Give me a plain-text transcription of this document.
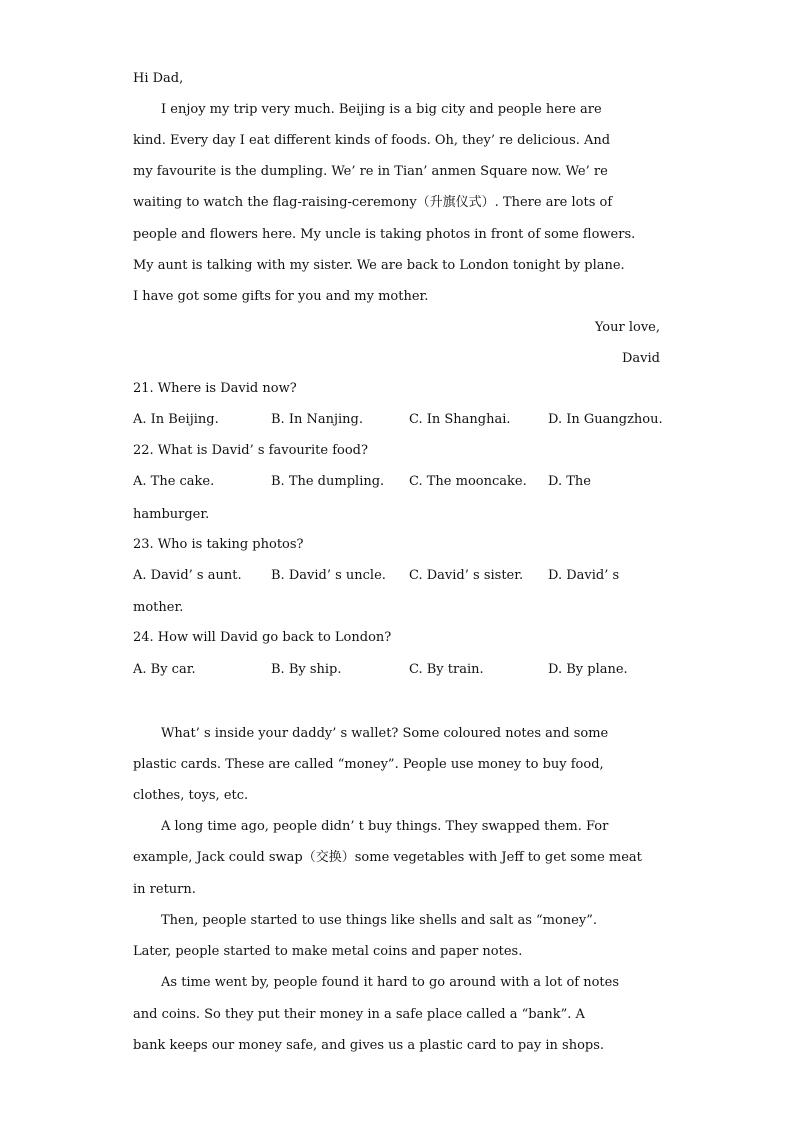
Hi Dad,
I enjoy my trip very much. Beijing is a big city and people here are
kind. Every day I eat different kinds of foods. Oh, they’ re delicious. And
my favourite is the dumpling. We’ re in Tian’ anmen Square now. We’ re
waiting to watch the flag-raising-ceremony（升旗仪式）. There are lots of
people and flowers here. My uncle is taking photos in front of some flowers.
My aunt is talking with my sister. We are back to London tonight by plane.
I have got some gifts for you and my mother.
Your love,
David
21. Where is David now?
A. In Beijing.	B. In Nanjing.	C. In Shanghai.	D. In Guangzhou.
22. What is David’ s favourite food?
A. The cake.	B. The dumpling. C. The mooncake. D. The
hamburger.
23. Who is taking photos?
A. David’ s aunt. B. David’ s uncle. C. David’ s sister. D. David’ s
mother.
24. How will David go back to London?
A. By car.	B. By ship.	C. By train.	D. By plane.
What’ s inside your daddy’ s wallet? Some coloured notes and some
plastic cards. These are called “money”. People use money to buy food,
clothes, toys, etc.
A long time ago, people didn’ t buy things. They swapped them. For
example, Jack could swap（交换）some vegetables with Jeff to get some meat
in return.
Then, people started to use things like shells and salt as “money”.
Later, people started to make metal coins and paper notes.
As time went by, people found it hard to go around with a lot of notes
and coins. So they put their money in a safe place called a “bank”. A
bank keeps our money safe, and gives us a plastic card to pay in shops.
